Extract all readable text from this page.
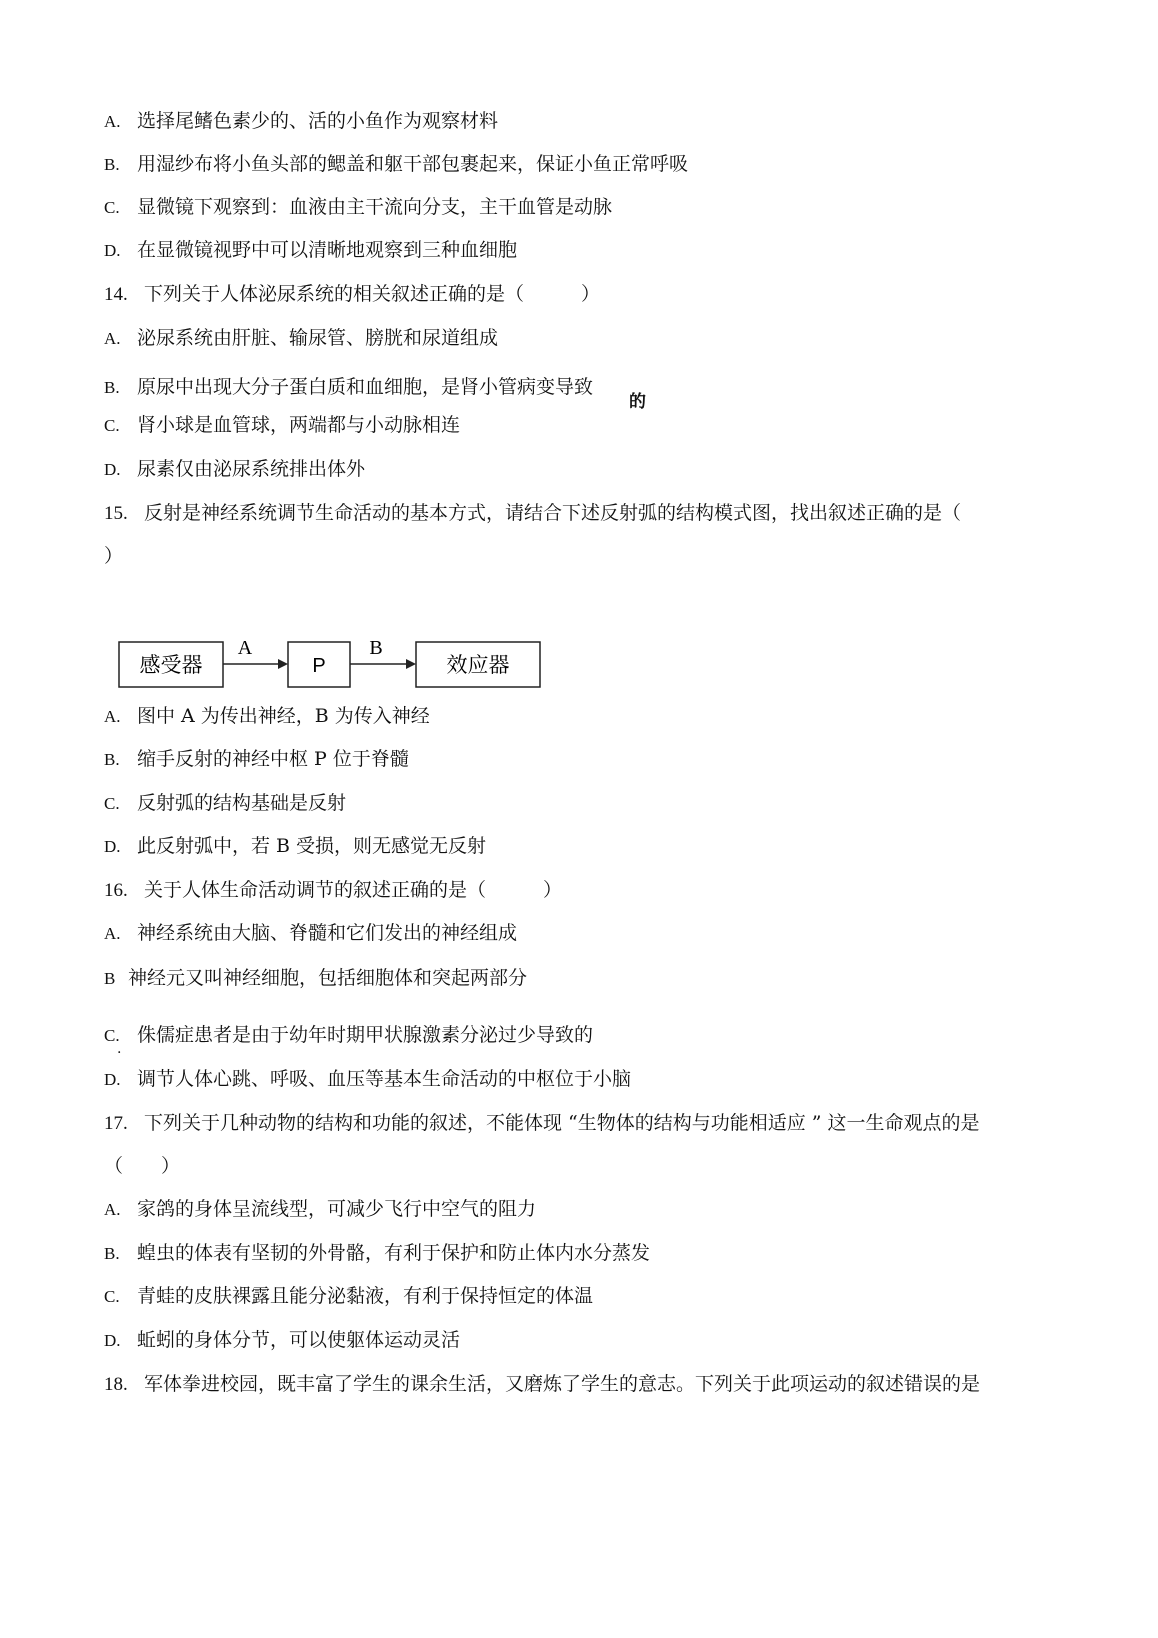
A. 选择尾鳍色素少的、活的小鱼作为观察材料
B. 用湿纱布将小鱼头部的鳃盖和躯干部包裹起来，保证小鱼正常呼吸
C. 显微镜下观察到：血液由主干流向分支，主干血管是动脉
D. 在显微镜视野中可以清晰地观察到三种血细胞
14. 下列关于人体泌尿系统的相关叙述正确的是（　　　）
A. 泌尿系统由肝脏、输尿管、膀胱和尿道组成
B. 原尿中出现大分子蛋白质和血细胞，是肾小管病变导致
的
C. 肾小球是血管球，两端都与小动脉相连
D. 尿素仅由泌尿系统排出体外
15. 反射是神经系统调节生命活动的基本方式，请结合下述反射弧的结构模式图，找出叙述正确的是（
）
感受器
A
P
B
效应器
A. 图中 A 为传出神经，B 为传入神经
B. 缩手反射的神经中枢 P 位于脊髓
C. 反射弧的结构基础是反射
D. 此反射弧中，若 B 受损，则无感觉无反射
16. 关于人体生命活动调节的叙述正确的是（　　　）
A. 神经系统由大脑、脊髓和它们发出的神经组成
B 神经元又叫神经细胞，包括细胞体和突起两部分
.
C. 侏儒症患者是由于幼年时期甲状腺激素分泌过少导致的
D. 调节人体心跳、呼吸、血压等基本生命活动的中枢位于小脑
17. 下列关于几种动物的结构和功能的叙述，不能体现 “生物体的结构与功能相适应 ” 这一生命观点的是
（　　）
A. 家鸽的身体呈流线型，可减少飞行中空气的阻力
B. 蝗虫的体表有坚韧的外骨骼，有利于保护和防止体内水分蒸发
C. 青蛙的皮肤裸露且能分泌黏液，有利于保持恒定的体温
D. 蚯蚓的身体分节，可以使躯体运动灵活
18. 军体拳进校园，既丰富了学生的课余生活，又磨炼了学生的意志。下列关于此项运动的叙述错误的是
